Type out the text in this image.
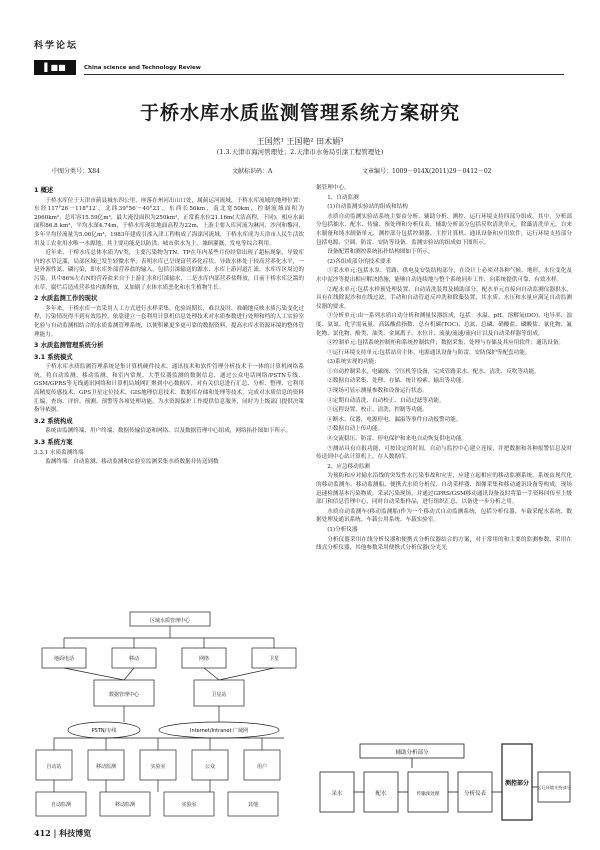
科学论坛
▌■■	China science and Technology Review
于桥水库水质监测管理系统方案研究
王国然¹ 王国艳² 田术娟³
(1.3.天津市海河管理处；2.天津市水务局引滦工程管理处)
中图分类号：X84	文献标识码：A	文章编号：1009－914X(2011)29－0412－02
1 概述

于桥水库位于天津市蓟县城东四公里，座落在州河出山口处，属蓟运河流域，于桥水库流域的地理位置：东经117°26′－118°12′，北纬39°56′－40°23′，东西长56km，南北宽50km，控制流域面积为2060km²，总库容15.59亿m³，最大淹没面积为250km²，正常蓄水位21.16m(大沽高程，下同)，相应水面面积86.8 km²，平均水深4.74m，于桥水库现状地面高程为22m，上游主要入库河流为淋河、沙河和黎河，多年平均径流量为5.06亿m³，1983年建成引滦入津工程构成了海滦河流域，于桥水库成为天津市人民生活饮用及工农业用水唯一水源地，其主要功能是以防洪、城市供水为主，兼顾灌溉、发电等综合利用。

近年来，于桥水库总体水质为V类，主要污染物为TN、TP在年内某些月份经常出现了超标现象，导致库内的水草泛滥，局部区域已发生轻微水华，表明水库已呈现富营养化症状。导致水体处于较高营养化水平，一是外源性氮、磷污染，即水库外部营养盐的输入，包括引滦输送的源水、水库上游河道汇流、水库库区周边的污染，其中86%左右N的营养盐来自于上游汇水和引滦输水，二是水库内部营养盐释放，目前于桥水库泛滥的水草，腐烂后造成营养盐内源释放，又加剧了水体水质恶化和水生植物生长。

2 水质监测工作的现状

多年来，于桥水库一直采用人工方式进行水样采集，化验周期长，难以及时、准确地反映水质污染变化过程，污染情况得不到有效监控，依靠建立一套利用计算机信息处理技术对水质参数进行处理和档的人工实验室化验与自动监测相结合的水质监测管理系统，以便积累更多更可靠的数据资料，提高水库水资源环境的整体管理能力。

3 水质监测管理系统分析
3.1 系统模式

于桥水库水质监测管理系统是集计算机硬件技术、通讯技术和软件管理分析技术于一体的计算机网络系统，将自动监测、移动监测、和室内常规、大型仪器监测的数据信息，通过公众电话网络/PSTN专线、GSM/GPRS等无线通讯网络和计算机局域网汇聚到中心数据库，对有关信息进行汇总、分析、整理、它利用高精度传感技术、GPS卫星定位技术、GIS地理信息技术、数据库存储和处理等技术，完成对水质信息的资料汇编，查询、评价、预测、预警等各项处理功能，为水资源保护工作提供信息服务，同时为上级部门提供决策指导依据。

3.2 系统构成

系统由监测终端、用户终端、数据传输信道和网络、以及数据管理中心组成，网络拓扑图如下所示。

3.3 系统方案

3.3.1 水质监测终端

监测终端：自动监测、移动监测和实验室监测采集水质数据并传送到数

区域水质管理中心
地面电话	移动	网络	卫星
数据管理中心	卫星站
PSTN/专线	Internet/Intranet 广域网
自动站	移动监测	实验室	公众	用户
自动监测	移动监测	实验室	其他

据管理中心。

1、自动监测

(1)自动监测实验站的组成和结构

水质自动监测实验站系统主要由分析、辅助分析、测控、运行环境支持四部分组成。其中，分析部分包括抽水、配水、传输、预处理和分析仪表，辅助分析部分包括反吹清洗单元，除藻清洗单元，自来水制备和纯水制备单元，测控部分包括控制器、主控计算机、通讯设备和应用软件，运行环境支持部分包括电源、空调、防雷、安防等设备。监测实验站的组成如下图所示。

设备配置和测控系统拓扑结构图如下所示。

(2)各组成部分的技术要求

①采水单元:包括水泵、管路、供电及安装结构部分，在设计上必须对各种气候、地形、水位变化及水中泥沙等提出相应解决措施，能够自动连续地与整个系统同步工作，向系统提供可靠、有效水样。

②配水单元:包括水样预处理装置、自动清洗装置及辅助部分，配水单元直接向自动监测仪器供水，具有在线除泥沙和在线过滤，手动和自动管道反冲洗和除藻装置，其水质、水压和水量应满足自动监测仪器的要求。

③分析单元:由一系列水质自动分析和测量仪器组成，包括：水温、pH、溶解氧(DO)、电导率、浊度、氨氮、化学需氧量、高锰酸盐指数、总有机碳(TOC)、总氮、总磷、硝酸盐、磷酸盐、氰化物、氟化物、氯化物、酚类、油类、金属离子、水位计、流量/流速/流向计以及自动采样器等组成。

④控制单元:包括系统控制柜和系统控制软件；数据采集、处理与存储及其应用软件；通讯设备。

⑤运行环境支持单元:包括站房主体、电源通讯设备与防雷、安防保护等配套功能。

(3)系统实现的功能：

①自动控制采水、电磁阀、空压机等设备，完成管路采水、配水、清洗、反吹等功能。

②数据自动采集、处理、存储、统计检索、输出等功能。

③现场可显示测量参数和设备运行状态。

④定期自动清洗、自动校正、自动过滤等功能。

⑤远程设置、校正、清洗、控制等功能。

⑥断水、仪器、电源停电、漏溢等事件自动报警功能。

⑦数据自动上传功能。

⑧交流稳压、防雷、停电保护和来电自动恢复供电功能。

⑨测站具有自报功能，可按设定的时间，自动与监控中心建立连接，并把数据和各种报警信息及时传送到中心站计算机上，存入数据库。

2、应急移动监测

为预防和应对输水沿线的突发性水污染事故和灾害，应建立起相应的移动监测系统。系统由现代化的移动监测车、移动监测船、便携式水质分析仪、自动采样器、图像采集和移动通讯设备等构成，现场迅速检测基本污染物质，采录污染现场，并通过GPRS/GSM移动通讯设备及时将第一手资料回传至上级部门和信息管理中心，同时自动采集样品，进行组织汇总，以备进一步分析之用。

水质自动监测车(移动监测船)作为一个移动式自动监测系统，包括分析仪器、车载采配水系统、数据处理及通讯系统、车载公用系统、车载实验室。

(1)分析仪器

分析仪器采用在线分析仪器和便携式分析仪器结合的方案，对于常用的和主要的监测参数，采用在线式分析仪器，其他参数采用便携式分析仪器(分光光

辅助分析部分
采水	配水	传输预处理	分析仪表
测控部分
运行环境支持部分
412 | 科技博览
